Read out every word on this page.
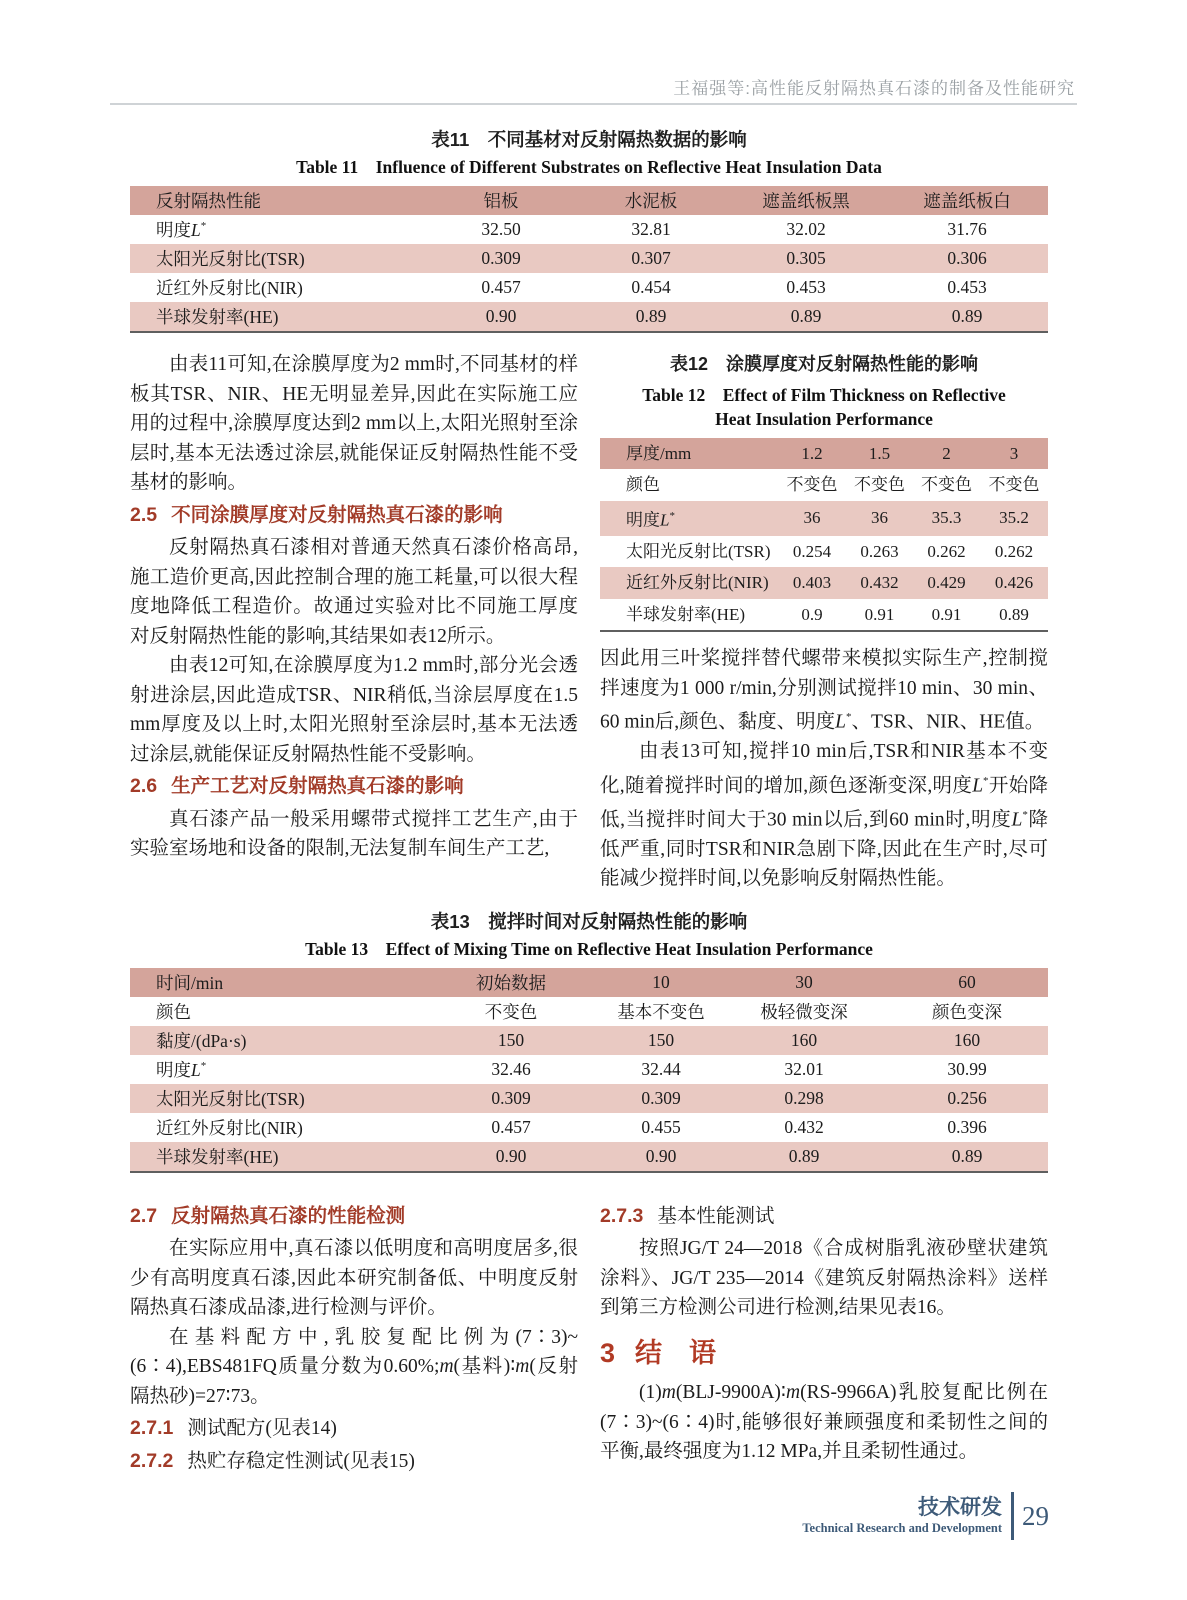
王福强等:高性能反射隔热真石漆的制备及性能研究
表11　不同基材对反射隔热数据的影响
Table 11　Influence of Different Substrates on Reflective Heat Insulation Data
反射隔热性能	铝板	水泥板	遮盖纸板黑	遮盖纸板白
明度L*	32.50	32.81	32.02	31.76
太阳光反射比(TSR)	0.309	0.307	0.305	0.306
近红外反射比(NIR)	0.457	0.454	0.453	0.453
半球发射率(HE)	0.90	0.89	0.89	0.89

由表11可知,在涂膜厚度为2 mm时,不同基材的样板其TSR、NIR、HE无明显差异,因此在实际施工应用的过程中,涂膜厚度达到2 mm以上,太阳光照射至涂层时,基本无法透过涂层,就能保证反射隔热性能不受基材的影响。

2.5 不同涂膜厚度对反射隔热真石漆的影响

反射隔热真石漆相对普通天然真石漆价格高昂,施工造价更高,因此控制合理的施工耗量,可以很大程度地降低工程造价。故通过实验对比不同施工厚度对反射隔热性能的影响,其结果如表12所示。

由表12可知,在涂膜厚度为1.2 mm时,部分光会透射进涂层,因此造成TSR、NIR稍低,当涂层厚度在1.5 mm厚度及以上时,太阳光照射至涂层时,基本无法透过涂层,就能保证反射隔热性能不受影响。

2.6 生产工艺对反射隔热真石漆的影响

真石漆产品一般采用螺带式搅拌工艺生产,由于实验室场地和设备的限制,无法复制车间生产工艺,

表12　涂膜厚度对反射隔热性能的影响
Table 12　Effect of Film Thickness on Reflective Heat Insulation Performance
厚度/mm	1.2	1.5	2	3
颜色	不变色	不变色	不变色	不变色
明度L*	36	36	35.3	35.2
太阳光反射比(TSR)	0.254	0.263	0.262	0.262
近红外反射比(NIR)	0.403	0.432	0.429	0.426
半球发射率(HE)	0.9	0.91	0.91	0.89

因此用三叶桨搅拌替代螺带来模拟实际生产,控制搅拌速度为1 000 r/min,分别测试搅拌10 min、30 min、60 min后,颜色、黏度、明度L*、TSR、NIR、HE值。

由表13可知,搅拌10 min后,TSR和NIR基本不变化,随着搅拌时间的增加,颜色逐渐变深,明度L*开始降低,当搅拌时间大于30 min以后,到60 min时,明度L*降低严重,同时TSR和NIR急剧下降,因此在生产时,尽可能减少搅拌时间,以免影响反射隔热性能。

表13　搅拌时间对反射隔热性能的影响
Table 13　Effect of Mixing Time on Reflective Heat Insulation Performance
时间/min	初始数据	10	30	60
颜色	不变色	基本不变色	极轻微变深	颜色变深
黏度/(dPa·s)	150	150	160	160
明度L*	32.46	32.44	32.01	30.99
太阳光反射比(TSR)	0.309	0.309	0.298	0.256
近红外反射比(NIR)	0.457	0.455	0.432	0.396
半球发射率(HE)	0.90	0.90	0.89	0.89
2.7 反射隔热真石漆的性能检测

在实际应用中,真石漆以低明度和高明度居多,很少有高明度真石漆,因此本研究制备低、中明度反射隔热真石漆成品漆,进行检测与评价。

在基料配方中,乳胶复配比例为(7∶3)~(6∶4),EBS481FQ质量分数为0.60%;m(基料)∶m(反射隔热砂)=27∶73。

2.7.1 测试配方(见表14)
2.7.2 热贮存稳定性测试(见表15)
2.7.3 基本性能测试

按照JG/T 24—2018《合成树脂乳液砂壁状建筑涂料》、JG/T 235—2014《建筑反射隔热涂料》送样到第三方检测公司进行检测,结果见表16。

3 结　语

(1)m(BLJ-9900A)∶m(RS-9966A)乳胶复配比例在(7∶3)~(6∶4)时,能够很好兼顾强度和柔韧性之间的平衡,最终强度为1.12 MPa,并且柔韧性通过。

技术研发
Technical Research and Development 29
